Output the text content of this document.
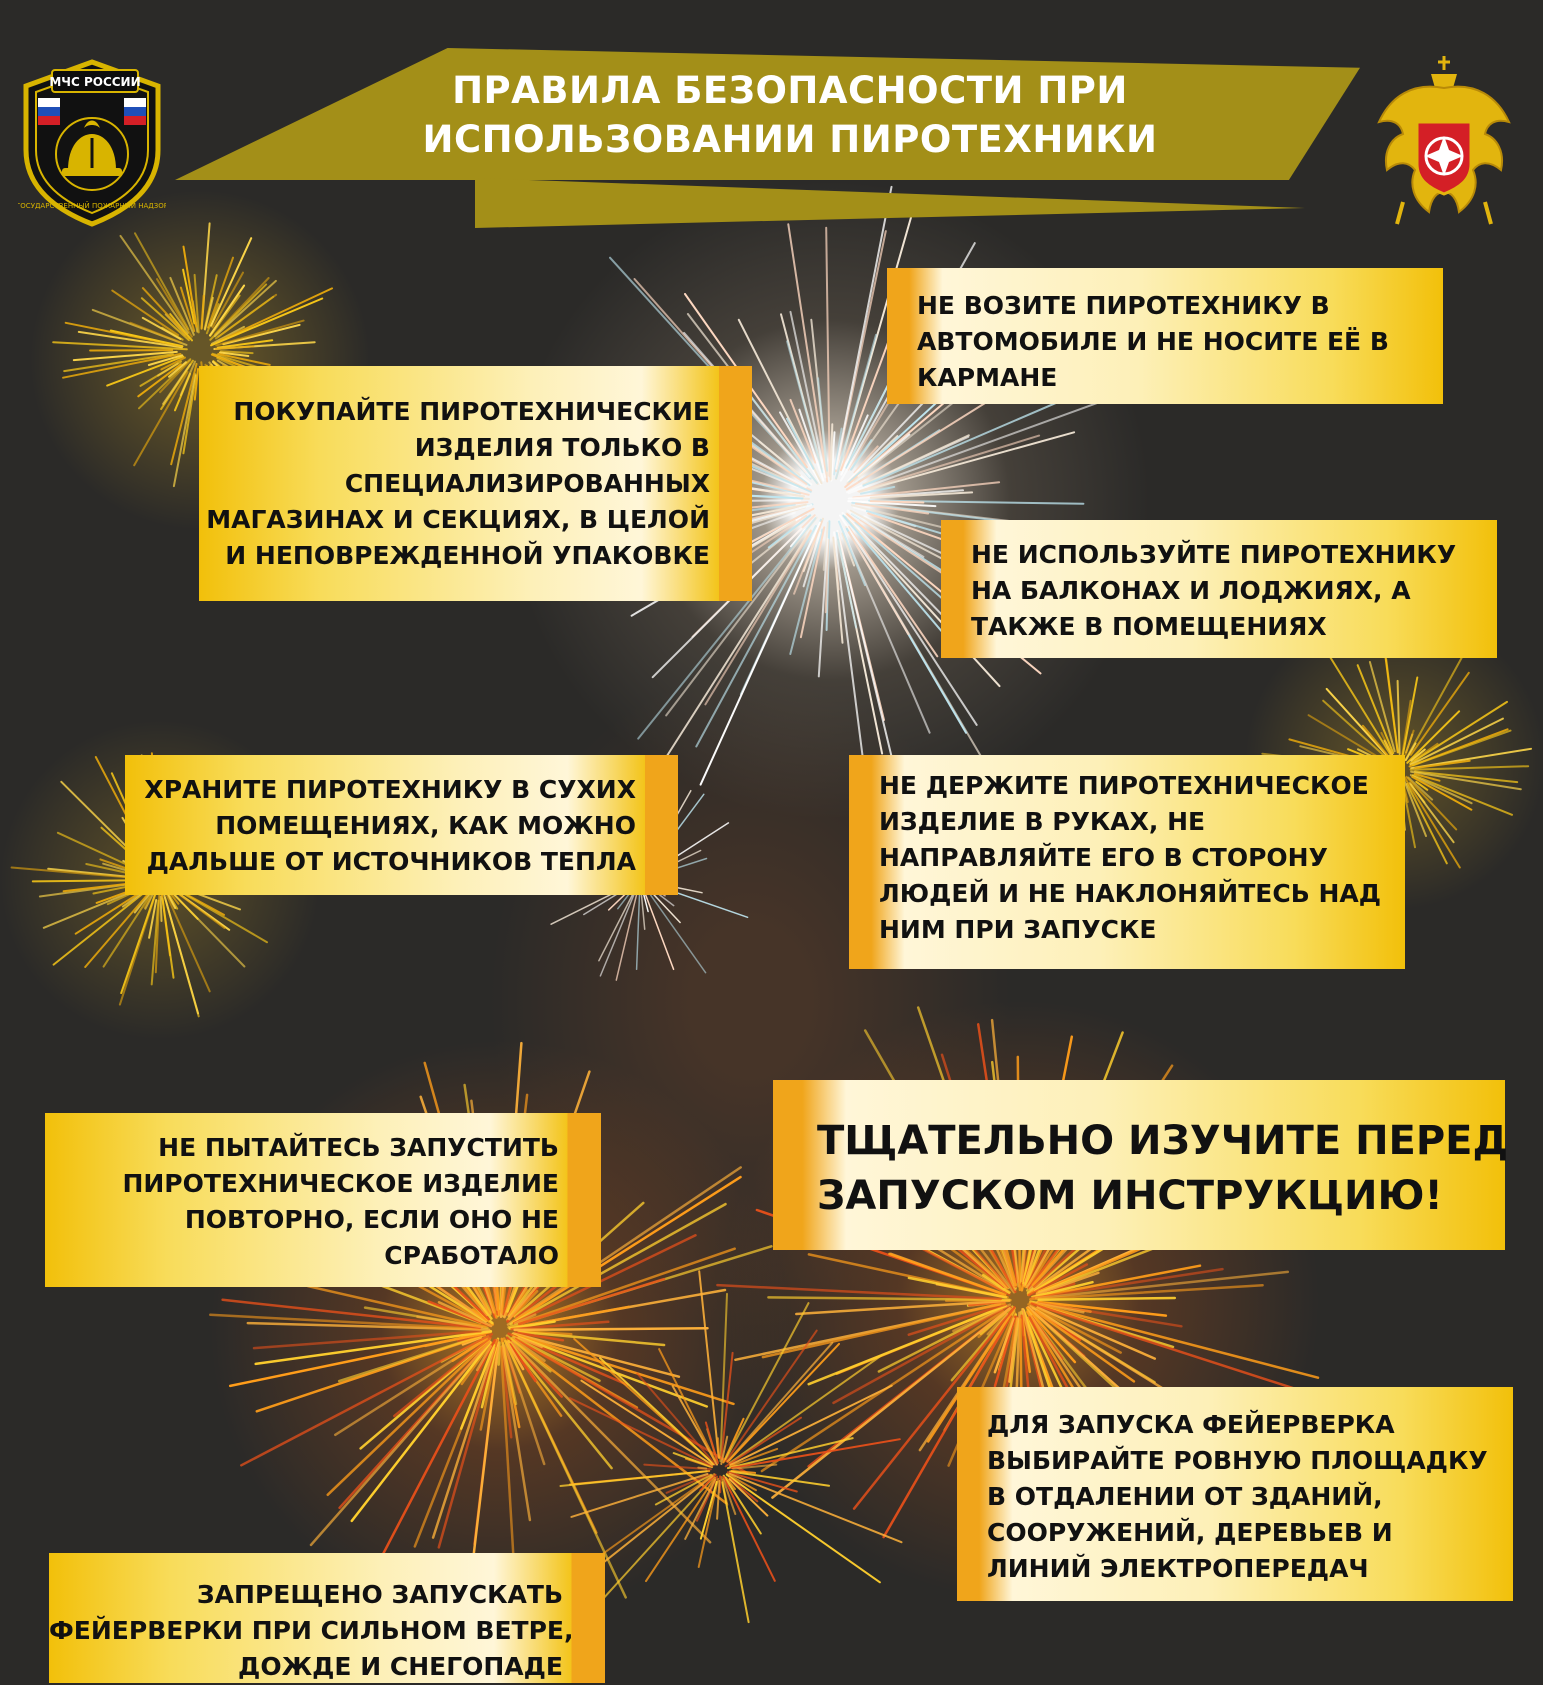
ПРАВИЛА БЕЗОПАСНОСТИ ПРИ
ИСПОЛЬЗОВАНИИ ПИРОТЕХНИКИ
МЧС РОССИИ
ГОСУДАРСТВЕННЫЙ ПОЖАРНЫЙ НАДЗОР
ПОКУПАЙТЕ ПИРОТЕХНИЧЕСКИЕ
ИЗДЕЛИЯ ТОЛЬКО В
СПЕЦИАЛИЗИРОВАННЫХ
МАГАЗИНАХ И СЕКЦИЯХ, В ЦЕЛОЙ
И НЕПОВРЕЖДЕННОЙ УПАКОВКЕ
НЕ ВОЗИТЕ ПИРОТЕХНИКУ В
АВТОМОБИЛЕ И НЕ НОСИТЕ ЕЁ В
КАРМАНЕ
НЕ ИСПОЛЬЗУЙТЕ ПИРОТЕХНИКУ
НА БАЛКОНАХ И ЛОДЖИЯХ, А
ТАКЖЕ В ПОМЕЩЕНИЯХ
ХРАНИТЕ ПИРОТЕХНИКУ В СУХИХ
ПОМЕЩЕНИЯХ, КАК МОЖНО
ДАЛЬШЕ ОТ ИСТОЧНИКОВ ТЕПЛА
НЕ ДЕРЖИТЕ ПИРОТЕХНИЧЕСКОЕ
ИЗДЕЛИЕ В РУКАХ, НЕ
НАПРАВЛЯЙТЕ ЕГО В СТОРОНУ
ЛЮДЕЙ И НЕ НАКЛОНЯЙТЕСЬ НАД
НИМ ПРИ ЗАПУСКЕ
НЕ ПЫТАЙТЕСЬ ЗАПУСТИТЬ
ПИРОТЕХНИЧЕСКОЕ ИЗДЕЛИЕ
ПОВТОРНО, ЕСЛИ ОНО НЕ
СРАБОТАЛО
ТЩАТЕЛЬНО ИЗУЧИТЕ ПЕРЕД
ЗАПУСКОМ ИНСТРУКЦИЮ!
ДЛЯ ЗАПУСКА ФЕЙЕРВЕРКА
ВЫБИРАЙТЕ РОВНУЮ ПЛОЩАДКУ
В ОТДАЛЕНИИ ОТ ЗДАНИЙ,
СООРУЖЕНИЙ, ДЕРЕВЬЕВ И
ЛИНИЙ ЭЛЕКТРОПЕРЕДАЧ
ЗАПРЕЩЕНО ЗАПУСКАТЬ
ФЕЙЕРВЕРКИ ПРИ СИЛЬНОМ ВЕТРЕ,
ДОЖДЕ И СНЕГОПАДЕ
